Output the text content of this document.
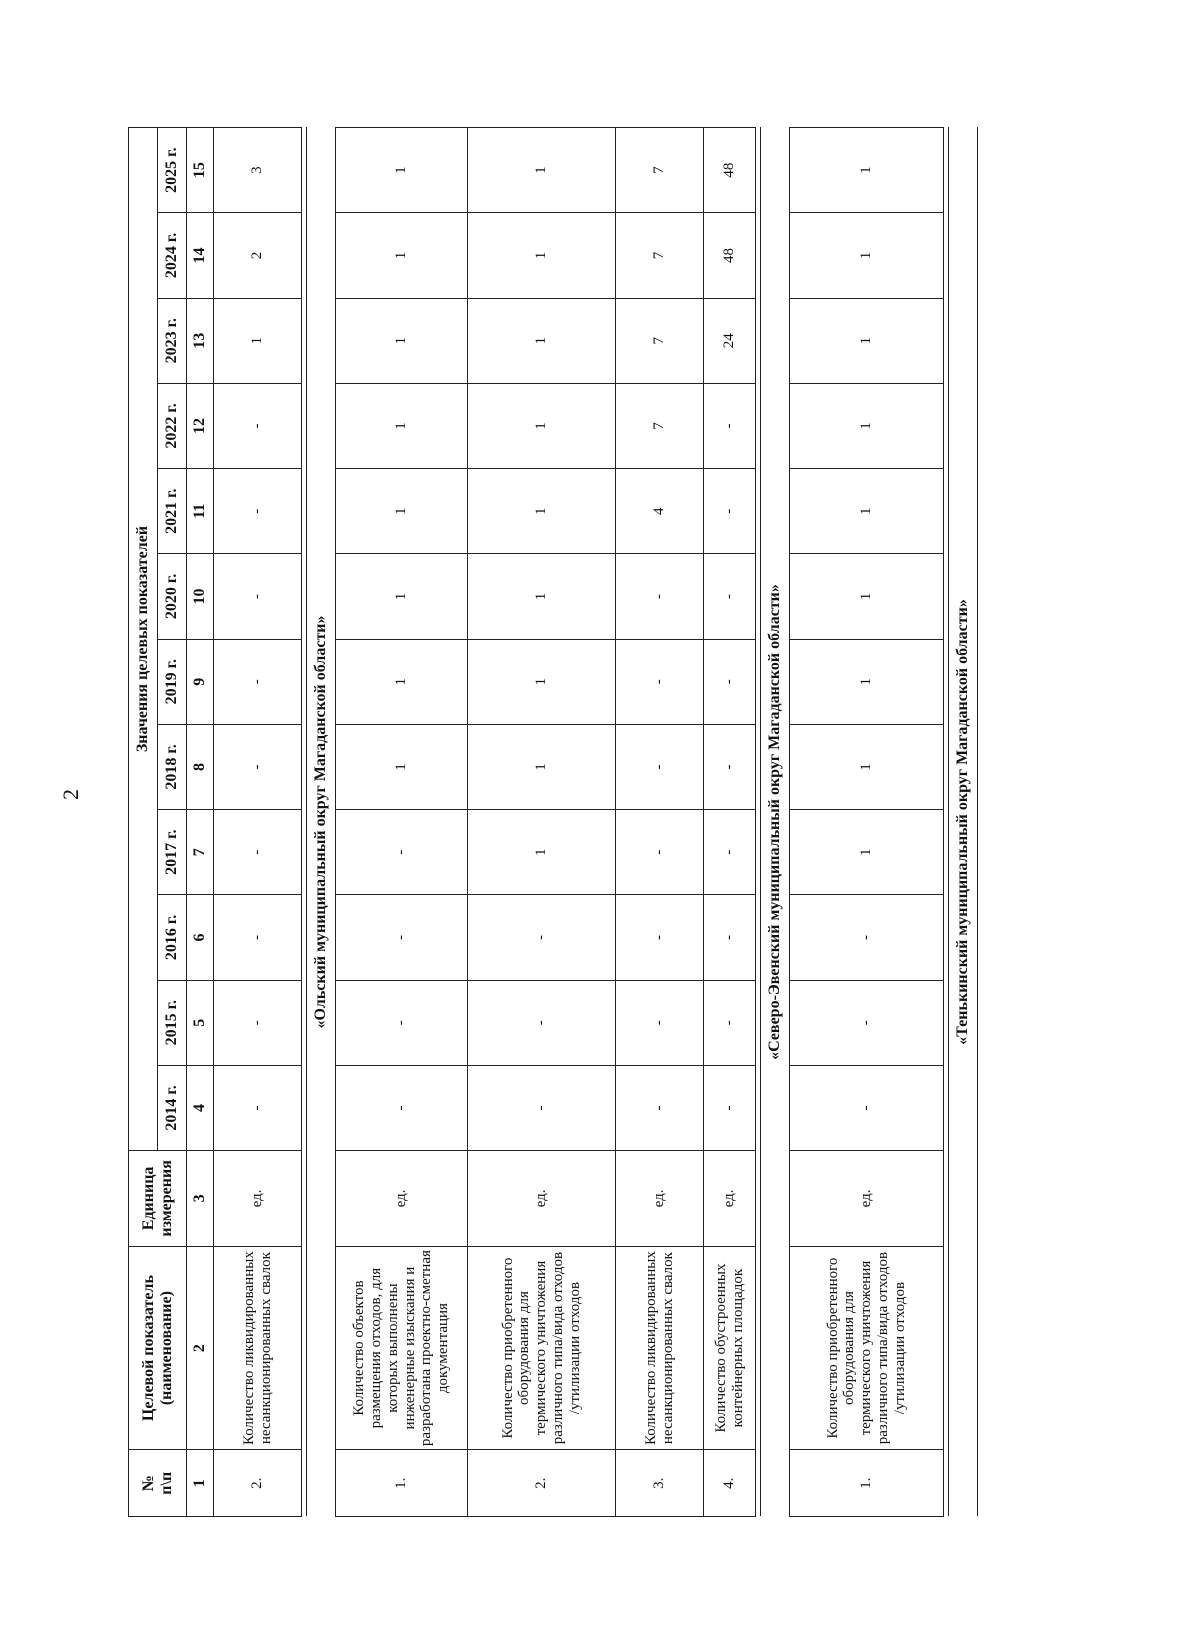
2
№
п\п	Целевой показатель (наименование)	Единица измерения	Значения целевых показателей											
			2014 г.	2015 г.	2016 г.	2017 г.	2018 г.	2019 г.	2020 г.	2021 г.	2022 г.	2023 г.	2024 г.	2025 г.
1	2	3	4	5	6	7	8	9	10	11	12	13	14	15
2.	Количество ликвидированных несанкционированных свалок	ед.	-	-	-	-	-	-	-	-	-	1	2	3

«Ольский муниципальный округ Магаданской области»														
1.	Количество объектов размещения отходов, для которых выполнены инженерные изыскания и разработана проектно-сметная документация	ед.	-	-	-	-	1	1	1	1	1	1	1	1
2.	Количество приобретенного оборудования для термического уничтожения различного типа/вида отходов /утилизации отходов	ед.	-	-	-	1	1	1	1	1	1	1	1	1
3.	Количество ликвидированных несанкционированных свалок	ед.	-	-	-	-	-	-	-	4	7	7	7	7
4.	Количество обустроенных контейнерных площадок	ед.	-	-	-	-	-	-	-	-	-	24	48	48

«Северо-Эвенский муниципальный округ Магаданской области»														
1.	Количество приобретенного оборудования для термического уничтожения различного типа/вида отходов /утилизации отходов	ед.	-	-	-	1	1	1	1	1	1	1	1	1

«Тенькинский муниципальный округ Магаданской области»														
